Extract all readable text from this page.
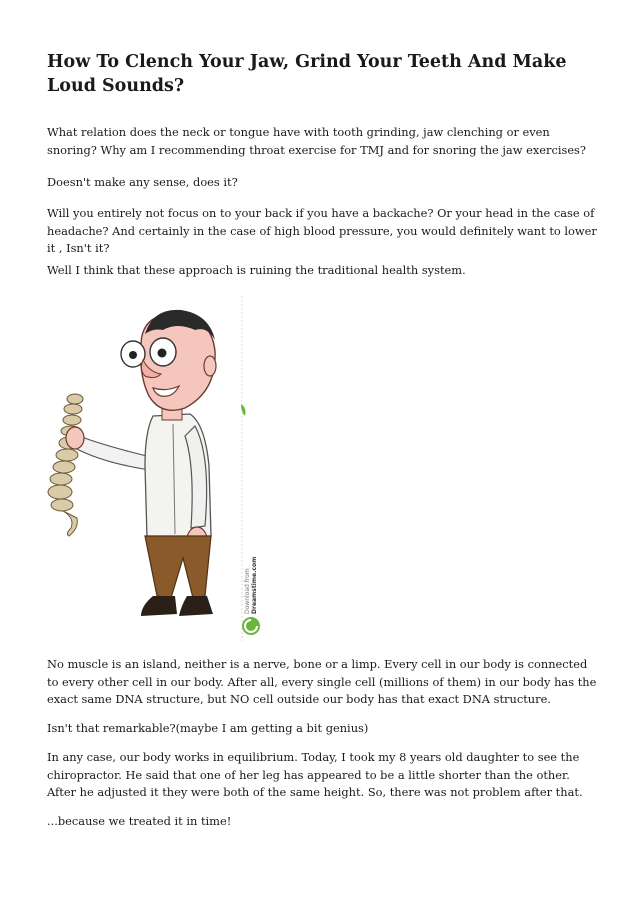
How To Clench Your Jaw, Grind Your Teeth And Make Loud Sounds?

What relation does the neck or tongue have with tooth grinding, jaw clenching or even snoring? Why am I recommending throat exercise for TMJ and for snoring the jaw exercises?

Doesn't make any sense, does it?

Will you entirely not focus on to your back if you have a backache? Or your head in the case of headache? And certainly in the case of high blood pressure, you would definitely want to lower it , Isn't it?

Well I think that these approach is ruining the traditional health system.

Download from Dreamstime.com

No muscle is an island, neither is a nerve, bone or a limp. Every cell in our body is connected to every other cell in our body. After all, every single cell (millions of them) in our body has the exact same DNA structure, but NO cell outside our body has that exact DNA structure.

Isn't that remarkable?(maybe I am getting a bit genius)

In any case, our body works in equilibrium. Today, I took my 8 years old daughter to see the chiropractor. He said that one of her leg has appeared to be a little shorter than the other. After he adjusted it they were both of the same height. So, there was not problem after that.

...because we treated it in time!
